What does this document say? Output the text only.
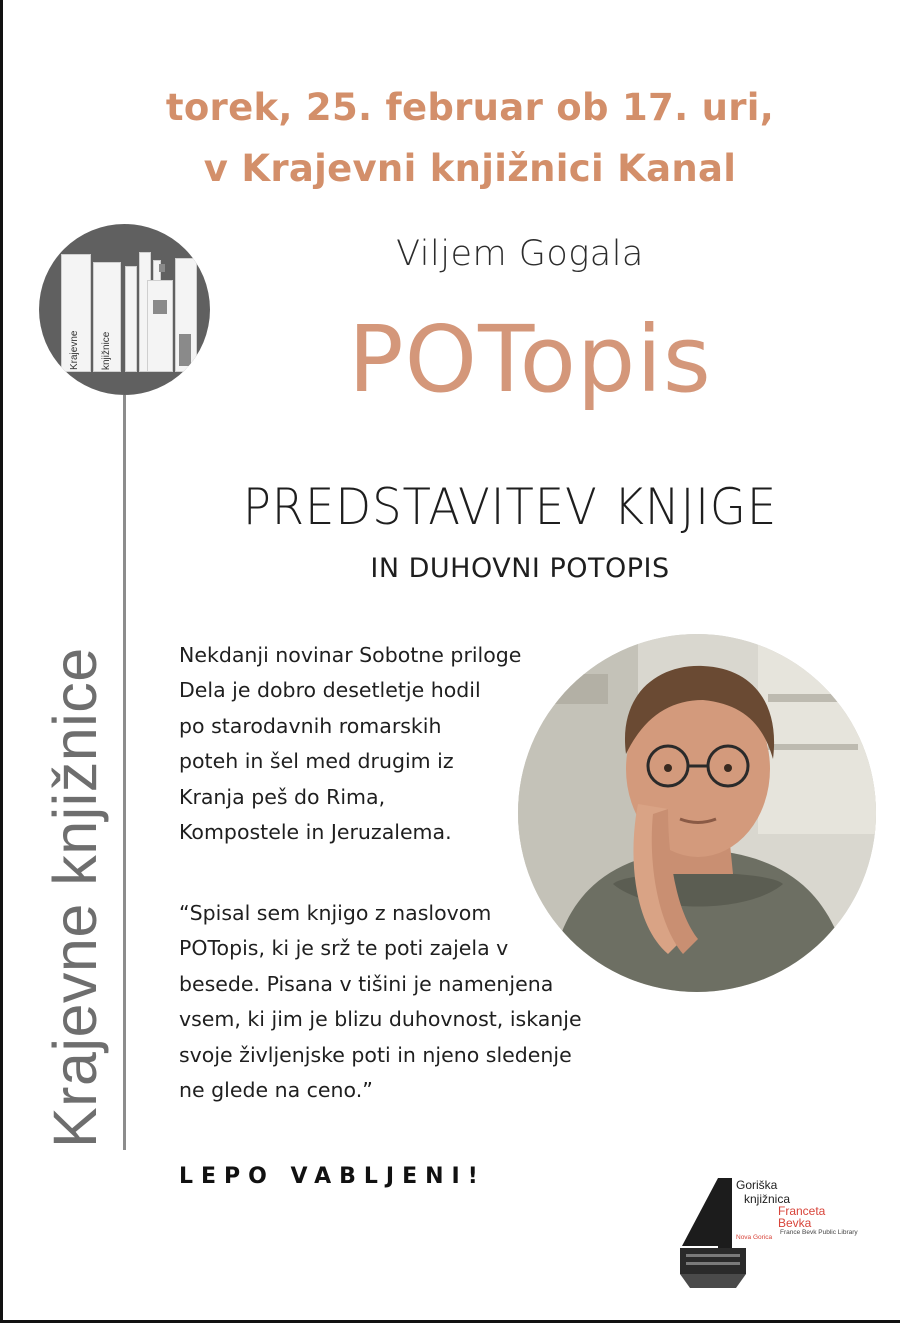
torek, 25. februar ob 17. uri,
v Krajevni knjižnici Kanal
Krajevne knjižnice
Krajevne knjižnice
Viljem Gogala
POTopis
PREDSTAVITEV KNJIGE
IN DUHOVNI POTOPIS
Nekdanji novinar Sobotne priloge
Dela je dobro desetletje hodil
po starodavnih romarskih
poteh in šel med drugim iz
Kranja peš do Rima,
Kompostele in Jeruzalema.
“Spisal sem knjigo z naslovom
POTopis, ki je srž te poti zajela v
besede. Pisana v tišini je namenjena
vsem, ki jim je blizu duhovnost, iskanje
svoje življenjske poti in njeno sledenje
ne glede na ceno.”
LEPO VABLJENI!	Goriška
knjižnica
Franceta
Bevka
France Bevk Public Library
Nova Gorica
